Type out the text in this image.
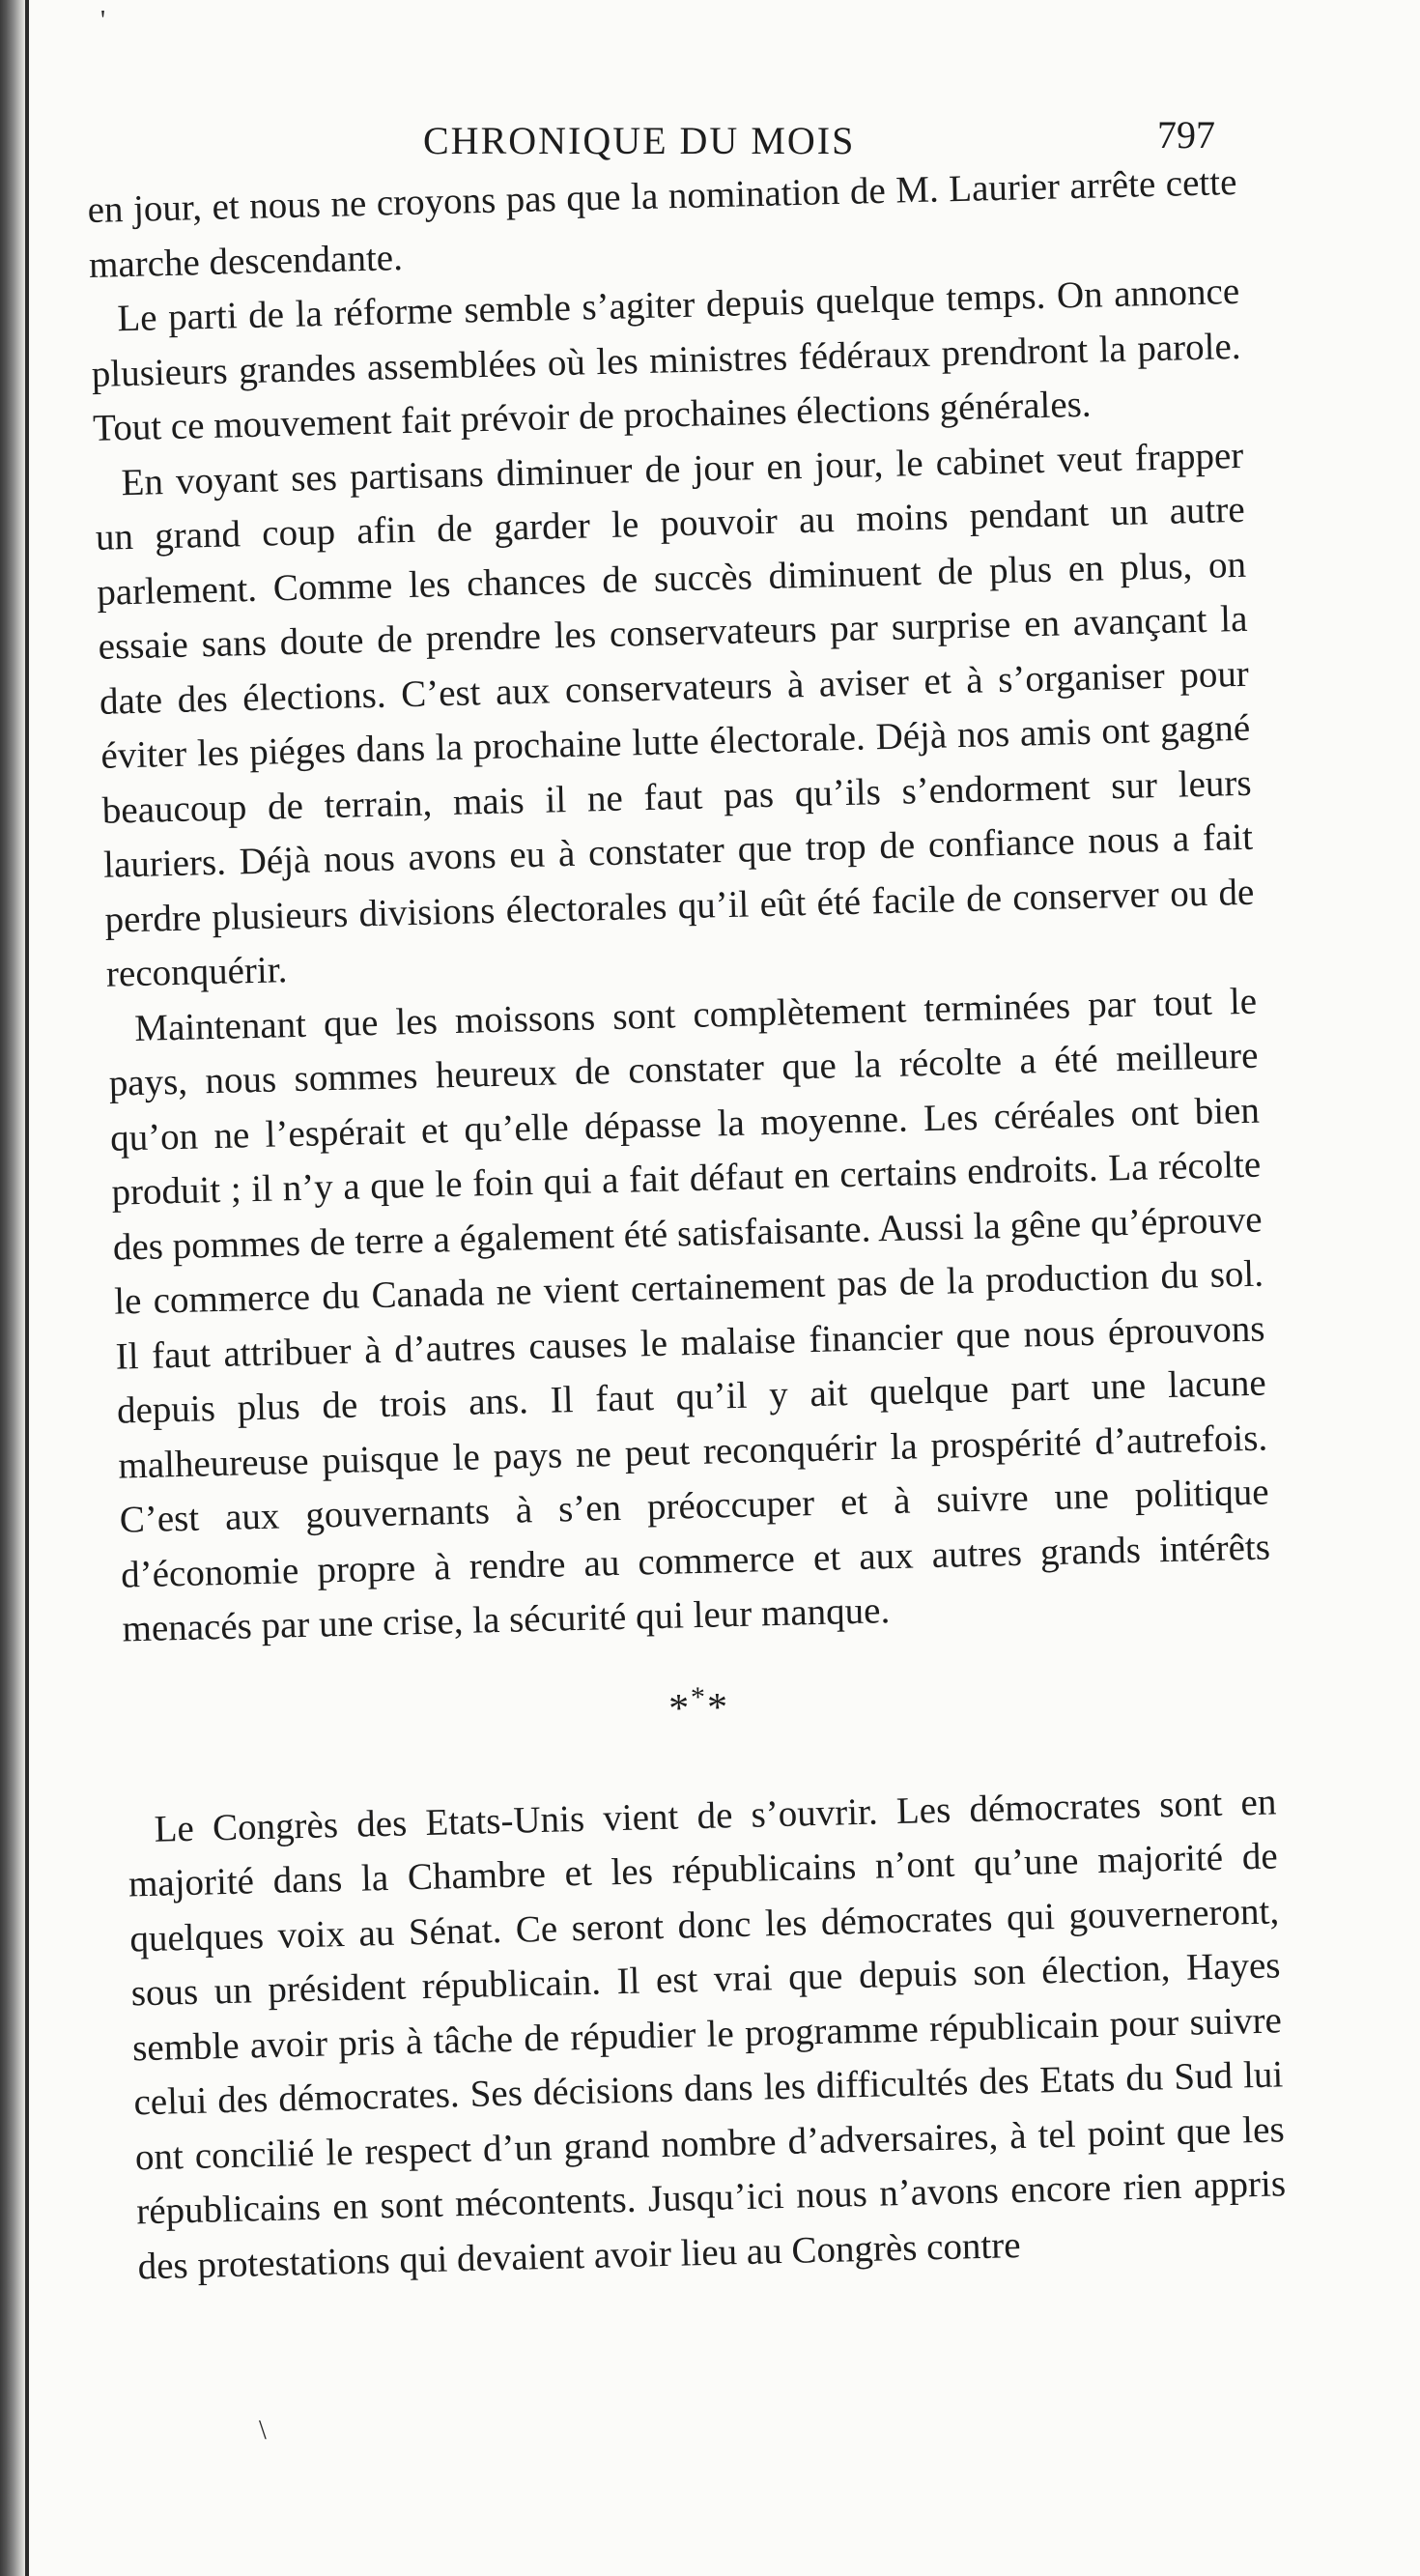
'
\
CHRONIQUE DU MOIS	797

en jour, et nous ne croyons pas que la nomination de M. Laurier arrête cette marche descendante.

Le parti de la réforme semble s’agiter depuis quelque temps. On annonce plusieurs grandes assemblées où les ministres fédéraux prendront la parole. Tout ce mouvement fait prévoir de prochaines élections générales.

En voyant ses partisans diminuer de jour en jour, le cabinet veut frapper un grand coup afin de garder le pouvoir au moins pendant un autre parlement. Comme les chances de succès diminuent de plus en plus, on essaie sans doute de prendre les conservateurs par surprise en avançant la date des élections. C’est aux conservateurs à aviser et à s’organiser pour éviter les piéges dans la prochaine lutte électorale. Déjà nos amis ont gagné beaucoup de terrain, mais il ne faut pas qu’ils s’endorment sur leurs lauriers. Déjà nous avons eu à constater que trop de confiance nous a fait perdre plusieurs divisions électorales qu’il eût été facile de conserver ou de reconquérir.

Maintenant que les moissons sont complètement terminées par tout le pays, nous sommes heureux de constater que la récolte a été meilleure qu’on ne l’espérait et qu’elle dépasse la moyenne. Les céréales ont bien produit ; il n’y a que le foin qui a fait défaut en certains endroits. La récolte des pommes de terre a également été satisfaisante. Aussi la gêne qu’éprouve le commerce du Canada ne vient certainement pas de la production du sol. Il faut attribuer à d’autres causes le malaise financier que nous éprouvons depuis plus de trois ans. Il faut qu’il y ait quelque part une lacune malheureuse puisque le pays ne peut reconquérir la prospérité d’autrefois. C’est aux gouvernants à s’en préoccuper et à suivre une politique d’économie propre à rendre au commerce et aux autres grands intérêts menacés par une crise, la sécurité qui leur manque.

***

Le Congrès des Etats-Unis vient de s’ouvrir. Les démocrates sont en majorité dans la Chambre et les républicains n’ont qu’une majorité de quelques voix au Sénat. Ce seront donc les démocrates qui gouverneront, sous un président républicain. Il est vrai que depuis son élection, Hayes semble avoir pris à tâche de répudier le programme républicain pour suivre celui des démocrates. Ses décisions dans les difficultés des Etats du Sud lui ont concilié le respect d’un grand nombre d’adversaires, à tel point que les républicains en sont mécontents. Jusqu’ici nous n’avons encore rien appris des protestations qui devaient avoir lieu au Congrès contre
